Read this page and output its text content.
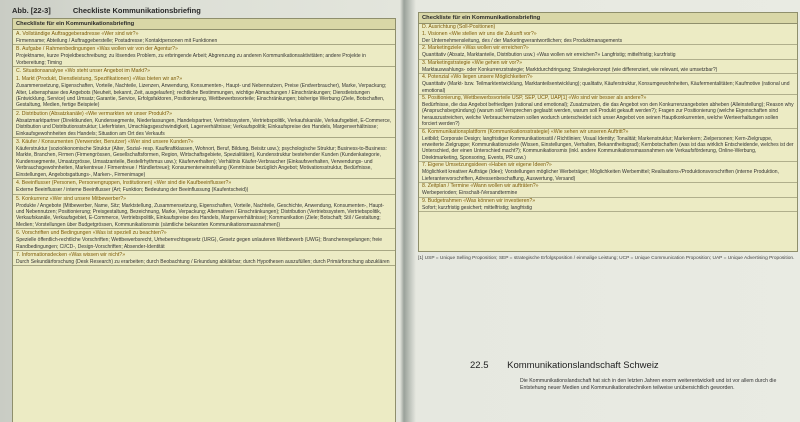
Abb. [22-3]	Checkliste Kommunikationsbriefing
Checkliste für ein Kommunikationsbriefing
A. Vollständige Auftraggeberadresse «Wer sind wir?»
Firmenname; Abteilung / Auftraggeberstelle; Postadresse; Kontaktpersonen mit Funktionen
B. Aufgabe / Rahmenbedingungen «Was wollen wir von der Agentur?»
Projektname, kurze Projektbeschreibung; zu lösendes Problem, zu erbringende Arbeit; Abgrenzung zu anderen Kommunikationsaktivitäten; andere Projekte in Vorbereitung; Timing
C. Situationsanalyse «Wo steht unser Angebot im Markt?»
1. Markt (Produkt, Dienstleistung, Spezifikationen) «Was bieten wir an?»
Zusammensetzung, Eigenschaften, Vorteile, Nachteile, Lizenzen, Anwendung, Konsumenten-, Haupt- und Nebennutzen, Preise (Endverbraucher), Marke, Verpackung; Alter, Lebensphase des Angebots (Neuheit, bekannt, Zeit, ausgelaufen); rechtliche Bestimmungen, wichtige Abmachungen / Einschränkungen; Dienstleistungen (Entwicklung, Service) und Umsatz; Garantie, Service, Erfolgsfaktoren, Positionierung, Wettbewerbsvorteile; Einschränkungen; bisherige Werbung (Ziele, Botschaften, Gestaltung, Medien, fertige Beispiele)
2. Distribution (Absatzkanäle) «Wie vermarkten wir unser Produkt?»
Absatzmarktpartner (Direktkunden, Kundensegmente, Niederlassungen, Handelspartner, Vertriebssystem, Vertriebspolitik, Verkaufskanäle, Verkaufsgebiet, E-Commerce, Distribution und Distributionsstruktur; Lieferfristen, Umschlagsgeschwindigkeit, Lagerverhältnisse; Verkaufspolitik; Einkaufspreise des Handels, Margenverhältnisse; Einkaufsgewohnheiten des Handels; Situation am Ort des Verkaufs
3. Käufer / Konsumenten (Verwender, Benutzer) «Wer sind unsere Kunden?»
Käuferstruktur (sozioökonomische Struktur (Alter, Sozial- resp. Kaufkraftklassen, Wohnort, Beruf, Bildung, Beisitz usw.); psychologische Struktur; Business-to-Business: Markte, Branchen, Firmen (Firmengrössen, Gesellschaftsformen, Region, Wirtschaftsgebiete, Spezialitäten), Kundenstruktur bestehender Kunden (Kundenkategorie, Kundensegmente, Umsatzgrösse, Umsatzanteile, Bestellrhythmus usw.); Käuferverhalten); Verhältnis Käufer-Verbraucher (Einkaufsverhalten, Verwendungs- und Verbrauchsgewohnheiten, Markentreue / Firmentreue / Händlertreue); Konsumenteneinstellung (Kenntnisse bezüglich Angebot; Motivationsstruktur, Bedürfnisse, Einstellungen, Angebotsgattungs-, Marken-, Firmenimage)
4. Beeinflusser (Personen, Personengruppen, Institutionen) «Wer sind die Kaufbeeinflusser?»
Externe Beeinflusser / interne Beeinflusser (Art; Funktion; Bedeutung der Beeinflussung (Kaufentscheid))
5. Konkurrenz «Wer sind unsere Mitbewerber?»
Produkte / Angebote (Mitbewerber, Name, Sitz; Marktstellung, Zusammensetzung, Eigenschaften, Vorteile, Nachteile, Geschichte, Anwendung, Konsumenten-, Haupt- und Nebennutzen; Positionierung; Preisgestaltung, Bezeichnung, Marke, Verpackung; Alternativen / Einschränkungen); Distribution (Vertriebssystem, Vertriebspolitik, Verkaufskanäle, Verkaufsgebiet, E-Commerce, Vertriebspolitik, Einkaufspreise des Handels, Margenverhältnisse); Kommunikation (Ziele; Botschaft; Stil / Gestaltung; Medien; Vorstellungen über Budgetgrössen, Kommunikationsmix (sämtliche bekannten Kommunikationsmassnahmen))
6. Vorschriften und Bedingungen «Was ist speziell zu beachten?»
Spezielle öffentlich-rechtliche Vorschriften; Wettbewerbsrecht, Urheberrechtsgesetz (URG), Gesetz gegen unlauteren Wettbewerb (UWG); Branchenregelungen; freie Randbedingungen; CI/CD-, Design-Vorschriften; Absender-Identität
7. Informationsdecken «Was wissen wir nicht?»
Durch Sekundärforschung (Desk Research) zu erarbeiten; durch Beobachtung / Erkundung abklärbar; durch Hypothesen auszufüllen; durch Primärforschung abzuklären
Checkliste für ein Kommunikationsbriefing
D. Ausrichtung (Soll-Positionen)
1. Visionen «Wie stellen wir uns die Zukunft vor?»
Der Unternehmensleitung, des / der Marketingverantwortlichen; des Produktmanagements
2. Marketingziele «Was wollen wir erreichen?»
Quantitativ (Absatz, Marktanteile, Distribution usw.) «Was wollen wir erreichen?» Langfristig; mittelfristig; kurzfristig
3. Marketingstrategie «Wie gehen wir vor?»
Marktauswahlungs- oder Konkurrenzstrategie; Marktdurchdringung; Strategiekonzept (wie differenziert, wie relevant, wie umsetzbar?)
4. Potenzial «Wo liegen unsere Möglichkeiten?»
Quantitativ (Markt- bzw. Teilmarktentwicklung, Marktanteilsentwicklung); qualitativ, Käuferstruktur, Konsumgewohnheiten, Käufermentalitäten; Kaufmotive (rational und emotional)
5. Positionierung, Wettbewerbsvorteile USP, SEP, UCP, UAP[1] «Wo sind wir besser als andere?»
Bedürfnisse, die das Angebot befriedigen (rational und emotional); Zusatznutzen, die das Angebot von den Konkurrenzangeboten abheben (Alleinstellung); Reason why (Anspruchsbegründung) (warum soll Versprechen geglaubt werden, warum soll Produkt gekauft werden?); Fragen zur Positionierung (welche Eigenschaften sind herauszustreichen, welche Verbrauchernutzen sollen wodurch unterscheidet sich unser Angebot von seinen Hauptkonkurrenten, welche Werteerhaltungen sollen forciert werden?)
6. Kommunikationsplattform (Kommunikationsstrategie) «Wie sehen wir unseren Auftritt?»
Leitbild; Corporate Design; langfristiger Kommunikationsstil / Richtlinien; Visual Identity; Tonalität; Markenstruktur; Markenkern; Zielpersonen; Kern-Zielgruppe, erweiterte Zielgruppe; Kommunikationsziele (Wissen, Einstellungen, Verhalten, Bekanntheitsgrad); Kernbotschaften (was ist das wirklich Entscheidende, welches ist der Unterschied, der einen Unterschied macht?); Kommunikationsmix (inkl. andere Kommunikationsmassnahmen wie Verkaufsförderung, Online-Werbung, Direktmarketing, Sponsoring, Events, PR usw.)
7. Eigene Umsetzungsideen «Haben wir eigene Ideen?»
Möglichkeit kreativer Aufträge (Idee); Vorstellungen möglicher Werbeträger; Möglichkeiten Werbemittel; Realisations-/Produktionsvorschriften (interne Produktion, Lieferantenvorschriften, Adressenbeschaffung, Auswertung, Versand)
8. Zeitplan / Termine «Wann wollen wir aufträten?»
Werbeperioden; Einschalt-/Versandtermine
9. Budgetrahmen «Was können wir investieren?»
Sofort; kurzfristig gesichert; mittelfristig; langfristig
[1] USP = Unique Selling Proposition; SEP = strategische Erfolgsposition / einmalige Leistung; UCP = Unique Communication Proposition; UAP = Unique Advertising Proposition.
22.5 Kommunikationslandschaft Schweiz
Die Kommunikationslandschaft hat sich in den letzten Jahren enorm weiterentwickelt und ist vor allem durch die Entstehung neuer Medien und Kommunikationstechniken teilweise unübersichtlich geworden.
